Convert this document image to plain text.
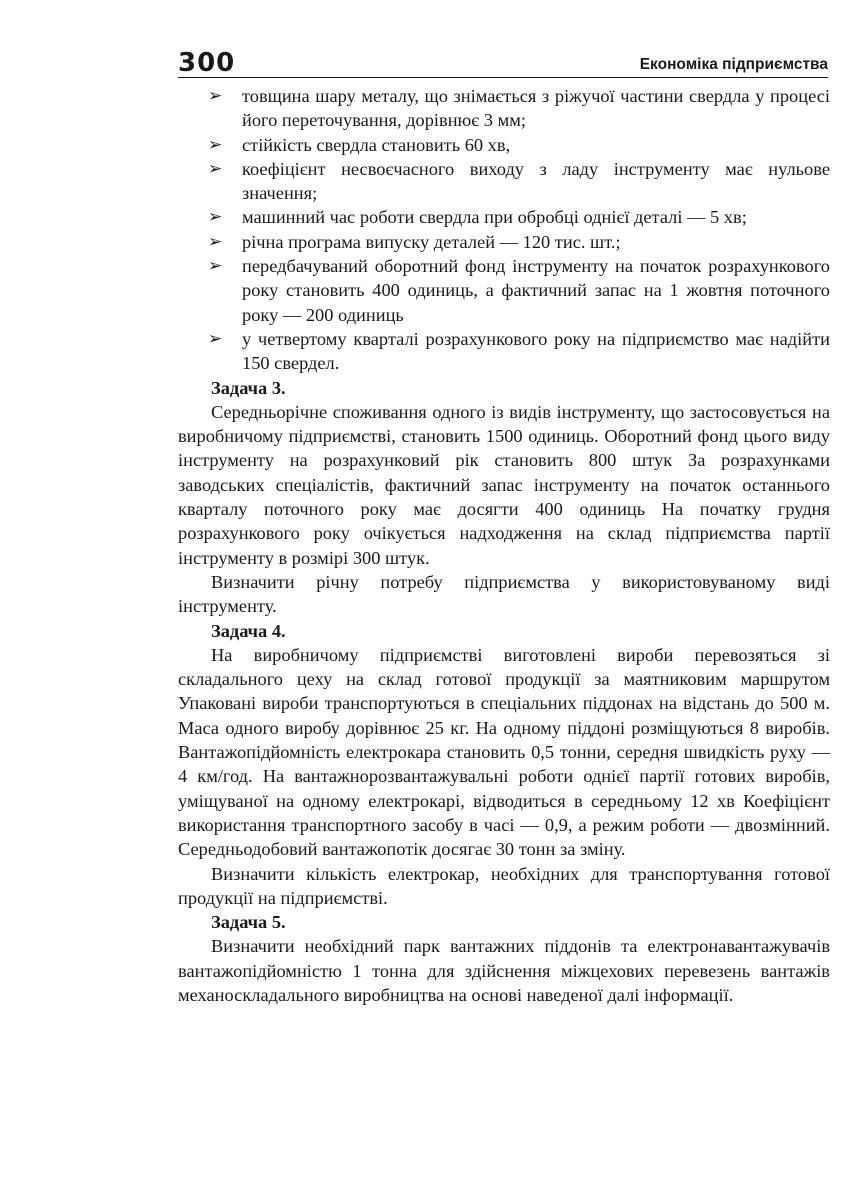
300	Економіка підприємства
➢ товщина шару металу, що знімається з ріжучої частини свердла у процесі його переточування, дорівнює 3 мм;
➢ стійкість свердла становить 60 хв,
➢ коефіцієнт несвоєчасного виходу з ладу інструменту має нульове значення;
➢ машинний час роботи свердла при обробці однієї деталі — 5 хв;
➢ річна програма випуску деталей — 120 тис. шт.;
➢ передбачуваний оборотний фонд інструменту на початок розрахункового року становить 400 одиниць, а фактичний запас на 1 жовтня поточного року — 200 одиниць
➢ у четвертому кварталі розрахункового року на підприємство має надійти 150 свердел.
Задача 3.

Середньорічне споживання одного із видів інструменту, що застосовується на виробничому підприємстві, становить 1500 одиниць. Оборотний фонд цього виду інструменту на розрахунковий рік становить 800 штук За розрахунками заводських спеціалістів, фактичний запас інструменту на початок останнього кварталу поточного року має досягти 400 одиниць На початку грудня розрахункового року очікується надходження на склад підприємства партії інструменту в розмірі 300 штук.

Визначити річну потребу підприємства у використовуваному виді інструменту.

Задача 4.

На виробничому підприємстві виготовлені вироби перевозяться зі складального цеху на склад готової продукції за маятниковим маршрутом Упаковані вироби транспортуються в спеціальних піддонах на відстань до 500 м. Маса одного виробу дорівнює 25 кг. На одному піддоні розміщуються 8 виробів. Вантажопідйомність електрокара становить 0,5 тонни, середня швидкість руху — 4 км/год. На вантажнорозвантажувальні роботи однієї партії готових виробів, уміщуваної на одному електрокарі, відводиться в середньому 12 хв Коефіцієнт використання транспортного засобу в часі — 0,9, а режим роботи — двозмінний. Середньодобовий вантажопотік досягає 30 тонн за зміну.

Визначити кількість електрокар, необхідних для транспортування готової продукції на підприємстві.

Задача 5.

Визначити необхідний парк вантажних піддонів та електронавантажувачів вантажопідйомністю 1 тонна для здійснення міжцехових перевезень вантажів механоскладального виробництва на основі наведеної далі інформації.
